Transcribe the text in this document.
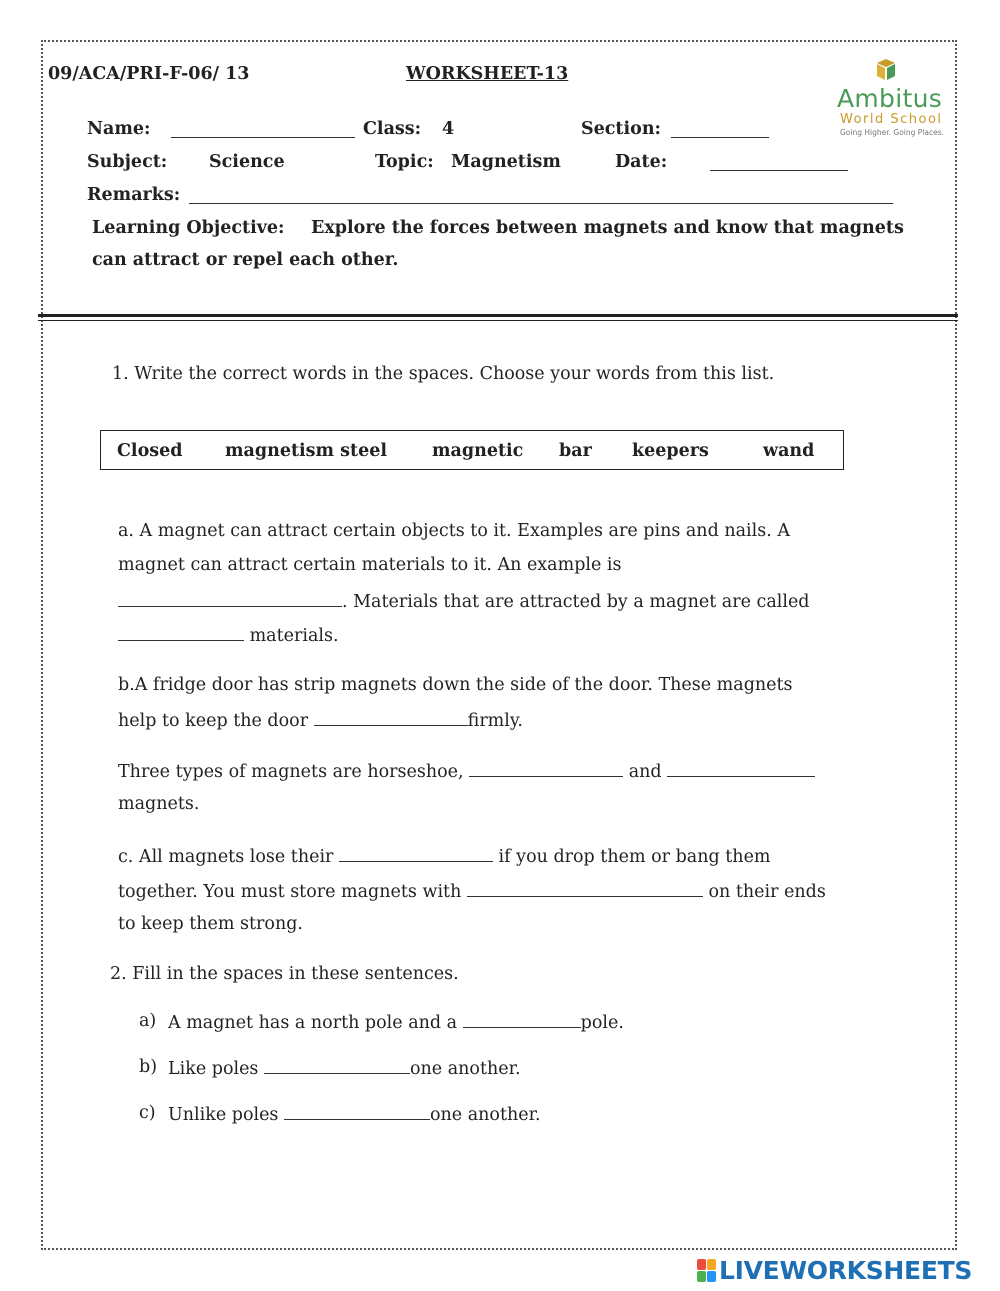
09/ACA/PRI-F-06/ 13	WORKSHEET-13
Ambitus
World School
Going Higher. Going Places.
Name:	Class: 4	Section:
Subject: Science	Topic: Magnetism	Date:
Remarks:
Learning Objective: Explore the forces between magnets and know that magnets
can attract or repel each other.
1. Write the correct words in the spaces. Choose your words from this list.
Closed magnetism steel	magnetic bar keepers	wand
a. A magnet can attract certain objects to it. Examples are pins and nails. A
magnet can attract certain materials to it. An example is
. Materials that are attracted by a magnet are called
materials.
b.A fridge door has strip magnets down the side of the door. These magnets
help to keep the door	firmly.
Three types of magnets are horseshoe,	and
magnets.
c. All magnets lose their	if you drop them or bang them
together. You must store magnets with	on their ends
to keep them strong.
2. Fill in the spaces in these sentences.
a) A magnet has a north pole and a	pole.
b) Like poles	one another.
c) Unlike poles	one another.
LIVEWORKSHEETS
